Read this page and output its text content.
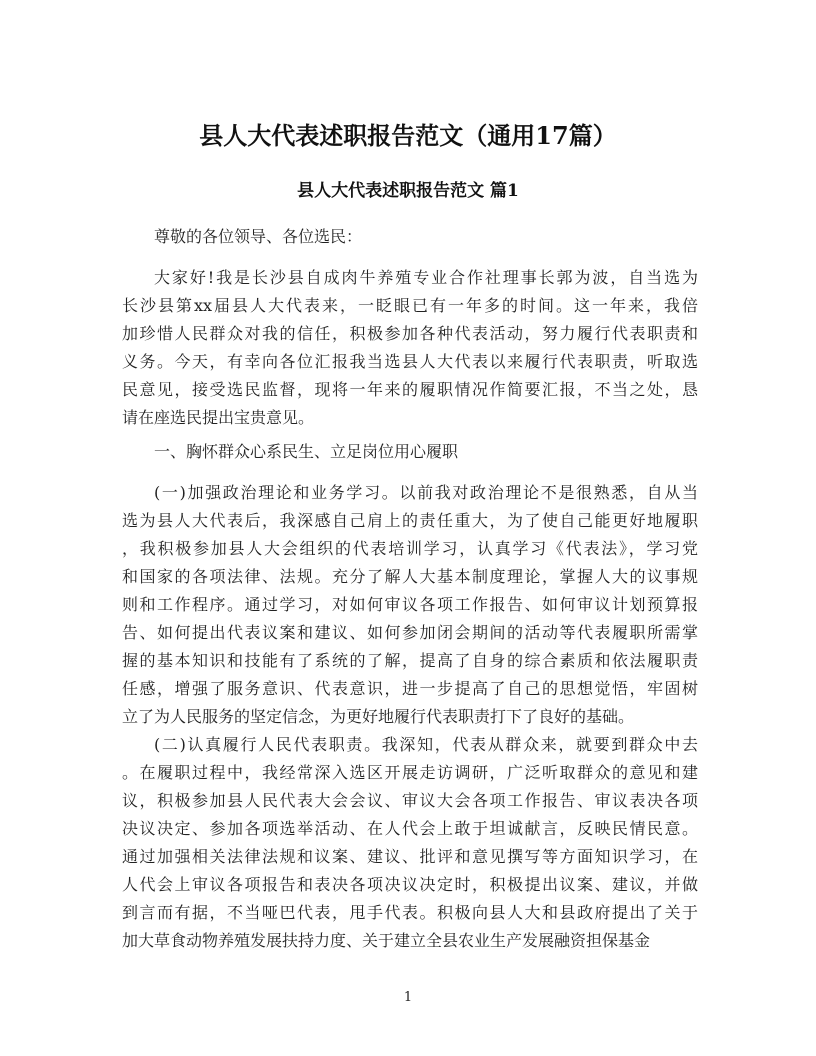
县人大代表述职报告范文（通用17篇）
县人大代表述职报告范文 篇1
尊敬的各位领导、各位选民：
大家好!我是长沙县自成肉牛养殖专业合作社理事长郭为波，自当选为
长沙县第xx届县人大代表来，一眨眼已有一年多的时间。这一年来，我倍
加珍惜人民群众对我的信任，积极参加各种代表活动，努力履行代表职责和
义务。今天，有幸向各位汇报我当选县人大代表以来履行代表职责，听取选
民意见，接受选民监督，现将一年来的履职情况作简要汇报，不当之处，恳
请在座选民提出宝贵意见。
一、胸怀群众心系民生、立足岗位用心履职
(一)加强政治理论和业务学习。以前我对政治理论不是很熟悉，自从当
选为县人大代表后，我深感自己肩上的责任重大，为了使自己能更好地履职
，我积极参加县人大会组织的代表培训学习，认真学习《代表法》，学习党
和国家的各项法律、法规。充分了解人大基本制度理论，掌握人大的议事规
则和工作程序。通过学习，对如何审议各项工作报告、如何审议计划预算报
告、如何提出代表议案和建议、如何参加闭会期间的活动等代表履职所需掌
握的基本知识和技能有了系统的了解，提高了自身的综合素质和依法履职责
任感，增强了服务意识、代表意识，进一步提高了自己的思想觉悟，牢固树
立了为人民服务的坚定信念，为更好地履行代表职责打下了良好的基础。
(二)认真履行人民代表职责。我深知，代表从群众来，就要到群众中去
。在履职过程中，我经常深入选区开展走访调研，广泛听取群众的意见和建
议，积极参加县人民代表大会会议、审议大会各项工作报告、审议表决各项
决议决定、参加各项选举活动、在人代会上敢于坦诚献言，反映民情民意。
通过加强相关法律法规和议案、建议、批评和意见撰写等方面知识学习，在
人代会上审议各项报告和表决各项决议决定时，积极提出议案、建议，并做
到言而有据，不当哑巴代表，甩手代表。积极向县人大和县政府提出了关于
加大草食动物养殖发展扶持力度、关于建立全县农业生产发展融资担保基金
1
